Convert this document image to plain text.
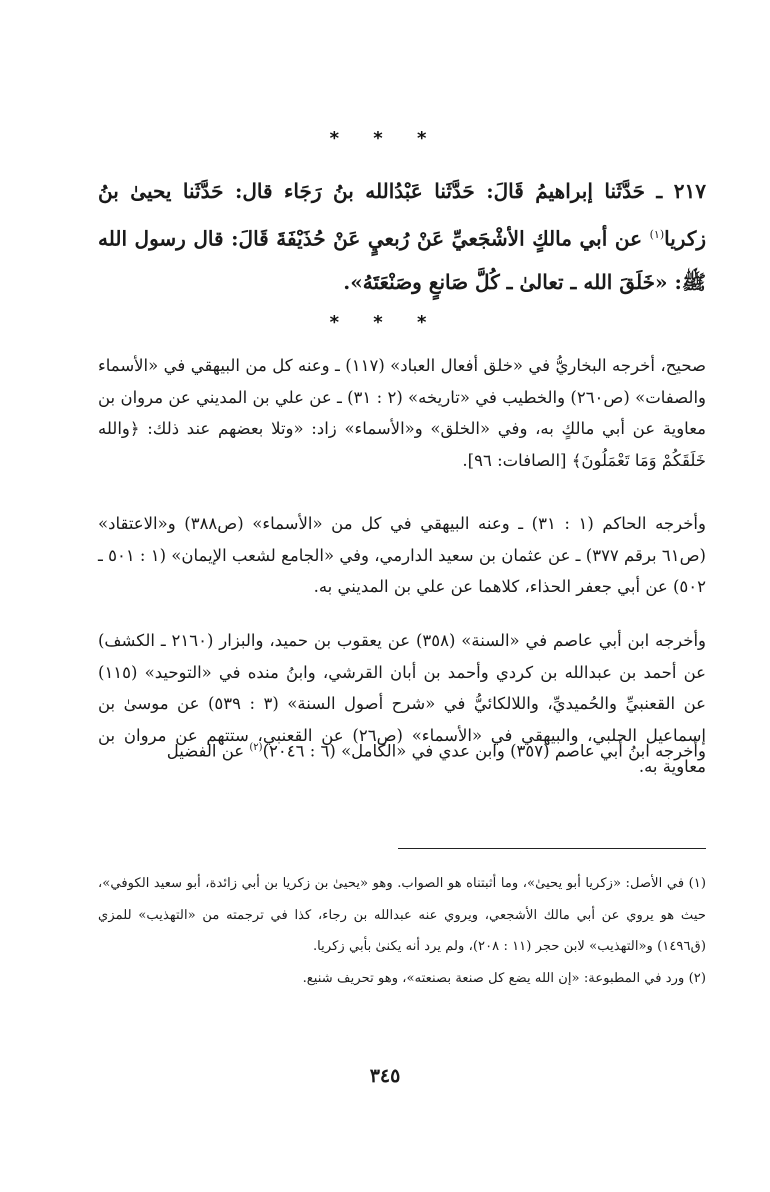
* * *
٢١٧ ـ حَدَّثَنا إبراهيمُ قَالَ: حَدَّثَنا عَبْدُالله بنُ رَجَاء قال: حَدَّثَنا يحيىٰ بنُ زكريا$^{(١)}$ عن أبي مالكٍ الأشْجَعيِّ عَنْ رُبعيٍ عَنْ حُذَيْفَةَ قَالَ: قال رسول الله ﷺ: «خَلَقَ الله ـ تعالىٰ ـ كُلَّ صَانعٍ وصَنْعَتَهُ».
* * *
صحيح، أخرجه البخاريُّ في «خلق أفعال العباد» (١١٧) ـ وعنه كل من البيهقي في «الأسماء والصفات» (ص٢٦٠) والخطيب في «تاريخه» (٢ : ٣١) ـ عن علي بن المديني عن مروان بن معاوية عن أبي مالكٍ به، وفي «الخلق» و«الأسماء» زاد: «وتلا بعضهم عند ذلك: ﴿والله خَلَقَكُمْ وَمَا تَعْمَلُونَ﴾ [الصافات: ٩٦].
وأخرجه الحاكم (١ : ٣١) ـ وعنه البيهقي في كل من «الأسماء» (ص٣٨٨) و«الاعتقاد» (ص٦١ برقم ٣٧٧) ـ عن عثمان بن سعيد الدارمي، وفي «الجامع لشعب الإيمان» (١ : ٥٠١ ـ ٥٠٢) عن أبي جعفر الحذاء، كلاهما عن علي بن المديني به.
وأخرجه ابن أبي عاصم في «السنة» (٣٥٨) عن يعقوب بن حميد، والبزار (٢١٦٠ ـ الكشف) عن أحمد بن عبدالله بن كردي وأحمد بن أبان القرشي، وابنُ منده في «التوحيد» (١١٥) عن القعنبيِّ والحُميديِّ، واللالكائيُّ في «شرح أصول السنة» (٣ : ٥٣٩) عن موسىٰ بن إسماعيل الحلبي، والبيهقي في «الأسماء» (ص٢٦) عن القعنبي، ستتهم عن مروان بن معاوية به.
وأخرجه ابنُ أبي عاصم (٣٥٧) وابن عدي في «الكامل» (٦ : ٢٠٤٦)$^{(٢)}$ عن الفضيل
(١) في الأصل: «زكريا أبو يحيىٰ»، وما أثبتناه هو الصواب. وهو «يحيىٰ بن زكريا بن أبي زائدة، أبو سعيد الكوفي»، حيث هو يروي عن أبي مالك الأشجعي، ويروي عنه عبدالله بن رجاء، كذا في ترجمته من «التهذيب» للمزي (ق١٤٩٦) و«التهذيب» لابن حجر (١١ : ٢٠٨)، ولم يرد أنه يكنىٰ بأبي زكريا.
(٢) ورد في المطبوعة: «إن الله يضع كل صنعة بصنعته»، وهو تحريف شنيع.
٣٤٥
